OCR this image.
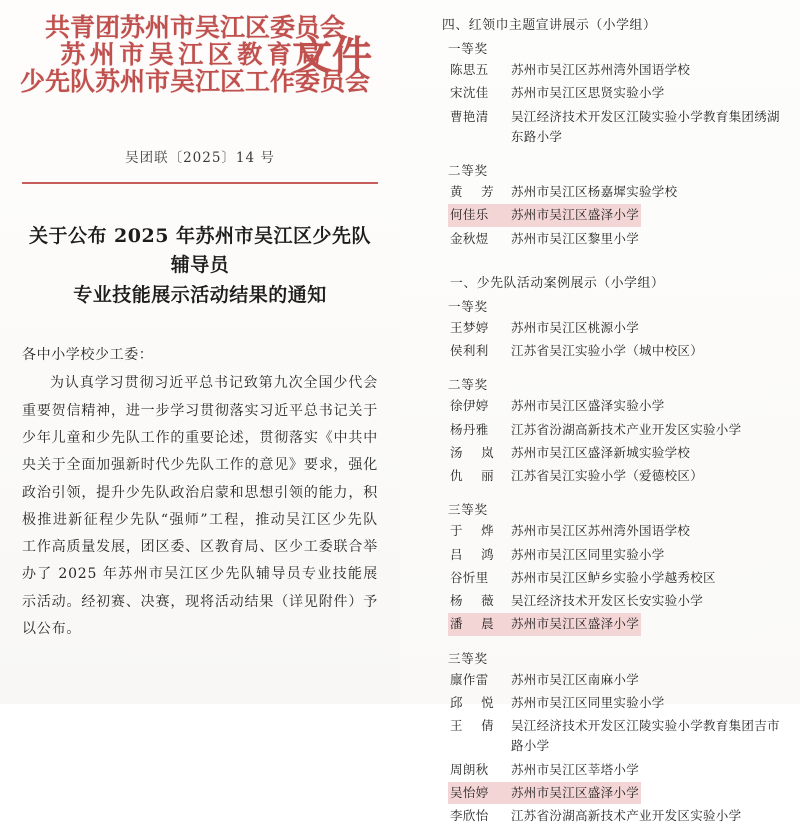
共青团苏州市吴江区委员会
苏州市吴江区教育局
少先队苏州市吴江区工作委员会
文件
吴团联〔2025〕14 号
关于公布 2025 年苏州市吴江区少先队辅导员
专业技能展示活动结果的通知
各中小学校少工委：
为认真学习贯彻习近平总书记致第九次全国少代会重要贺信精神，进一步学习贯彻落实习近平总书记关于少年儿童和少先队工作的重要论述，贯彻落实《中共中央关于全面加强新时代少先队工作的意见》要求，强化政治引领，提升少先队政治启蒙和思想引领的能力，积极推进新征程少先队“强师”工程，推动吴江区少先队工作高质量发展，团区委、区教育局、区少工委联合举办了 2025 年苏州市吴江区少先队辅导员专业技能展示活动。经初赛、决赛，现将活动结果（详见附件）予以公布。
四、红领巾主题宣讲展示（小学组）
一等奖
陈思五	苏州市吴江区苏州湾外国语学校
宋沈佳	苏州市吴江区思贤实验小学
曹艳清	吴江经济技术开发区江陵实验小学教育集团绣湖东路小学
二等奖
黄 芳	苏州市吴江区杨嘉墀实验学校
何佳乐	苏州市吴江区盛泽小学
金秋煜	苏州市吴江区黎里小学
一、少先队活动案例展示（小学组）
一等奖
王梦婷	苏州市吴江区桃源小学
侯利利	江苏省吴江实验小学（城中校区）
二等奖
徐伊婷	苏州市吴江区盛泽实验小学
杨丹雅	江苏省汾湖高新技术产业开发区实验小学
汤 岚	苏州市吴江区盛泽新城实验学校
仇 丽	江苏省吴江实验小学（爱德校区）
三等奖
于 烨	苏州市吴江区苏州湾外国语学校
吕 鸿	苏州市吴江区同里实验小学
谷忻里	苏州市吴江区鲈乡实验小学越秀校区
杨 薇	吴江经济技术开发区长安实验小学
潘 晨	苏州市吴江区盛泽小学
三等奖
廪作雷	苏州市吴江区南麻小学
邱 悦	苏州市吴江区同里实验小学
王 倩	吴江经济技术开发区江陵实验小学教育集团吉市路小学
周朗秋	苏州市吴江区莘塔小学
吴怡婷	苏州市吴江区盛泽小学
李欣怡	江苏省汾湖高新技术产业开发区实验小学
